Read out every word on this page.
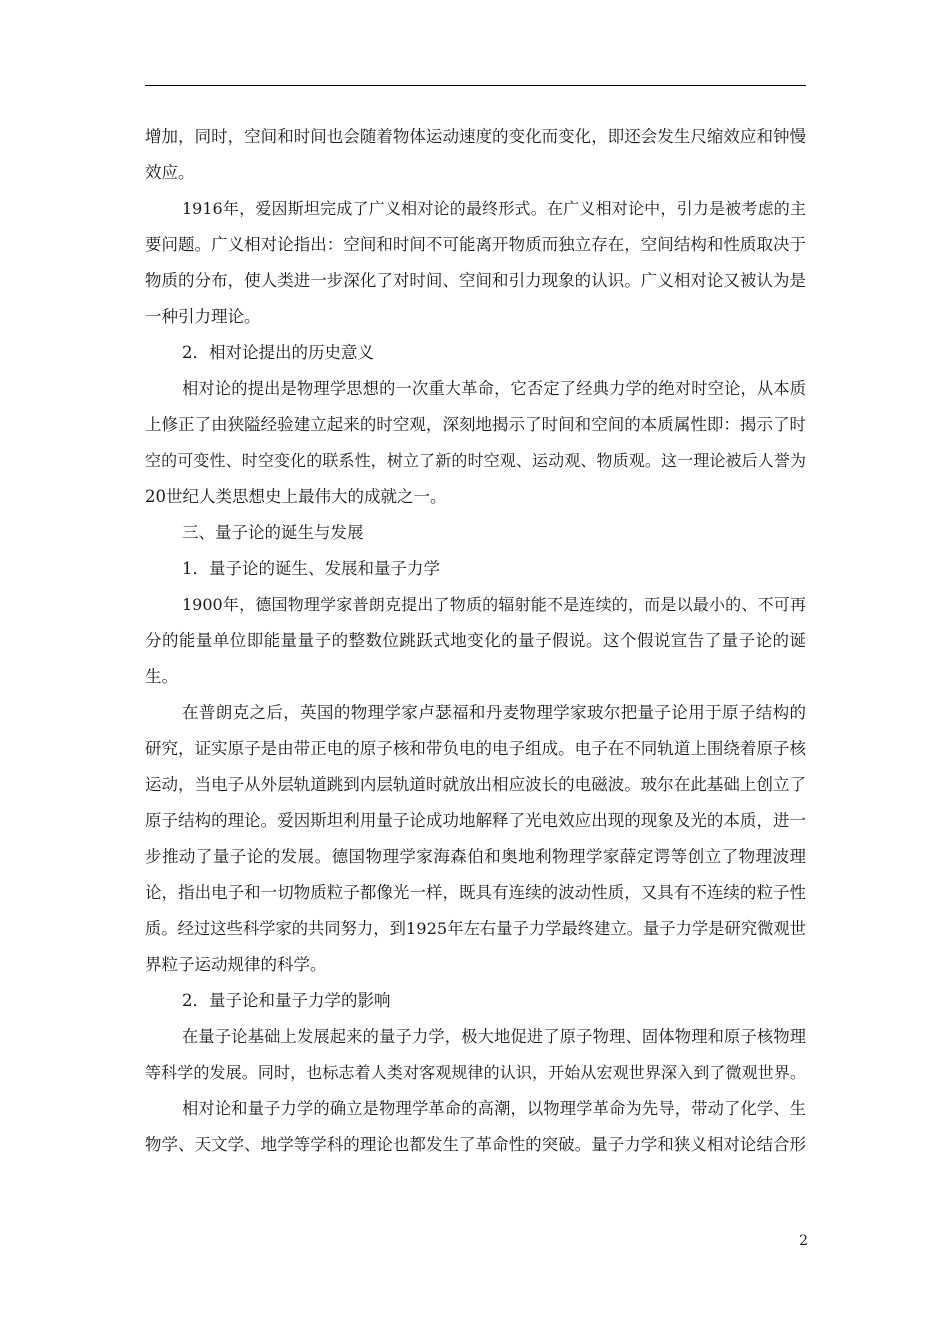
增加，同时，空间和时间也会随着物体运动速度的变化而变化，即还会发生尺缩效应和钟慢
效应。
1916年，爱因斯坦完成了广义相对论的最终形式。在广义相对论中，引力是被考虑的主
要问题。广义相对论指出：空间和时间不可能离开物质而独立存在，空间结构和性质取决于
物质的分布，使人类进一步深化了对时间、空间和引力现象的认识。广义相对论又被认为是
一种引力理论。
2．相对论提出的历史意义
相对论的提出是物理学思想的一次重大革命，它否定了经典力学的绝对时空论，从本质
上修正了由狭隘经验建立起来的时空观，深刻地揭示了时间和空间的本质属性即：揭示了时
空的可变性、时空变化的联系性，树立了新的时空观、运动观、物质观。这一理论被后人誉为
20世纪人类思想史上最伟大的成就之一。
三、量子论的诞生与发展
1．量子论的诞生、发展和量子力学
1900年，德国物理学家普朗克提出了物质的辐射能不是连续的，而是以最小的、不可再
分的能量单位即能量量子的整数位跳跃式地变化的量子假说。这个假说宣告了量子论的诞
生。
在普朗克之后，英国的物理学家卢瑟福和丹麦物理学家玻尔把量子论用于原子结构的
研究，证实原子是由带正电的原子核和带负电的电子组成。电子在不同轨道上围绕着原子核
运动，当电子从外层轨道跳到内层轨道时就放出相应波长的电磁波。玻尔在此基础上创立了
原子结构的理论。爱因斯坦利用量子论成功地解释了光电效应出现的现象及光的本质，进一
步推动了量子论的发展。德国物理学家海森伯和奥地利物理学家薛定谔等创立了物理波理
论，指出电子和一切物质粒子都像光一样，既具有连续的波动性质，又具有不连续的粒子性
质。经过这些科学家的共同努力，到1925年左右量子力学最终建立。量子力学是研究微观世
界粒子运动规律的科学。
2．量子论和量子力学的影响
在量子论基础上发展起来的量子力学，极大地促进了原子物理、固体物理和原子核物理
等科学的发展。同时，也标志着人类对客观规律的认识，开始从宏观世界深入到了微观世界。
相对论和量子力学的确立是物理学革命的高潮，以物理学革命为先导，带动了化学、生
物学、天文学、地学等学科的理论也都发生了革命性的突破。量子力学和狭义相对论结合形
2
